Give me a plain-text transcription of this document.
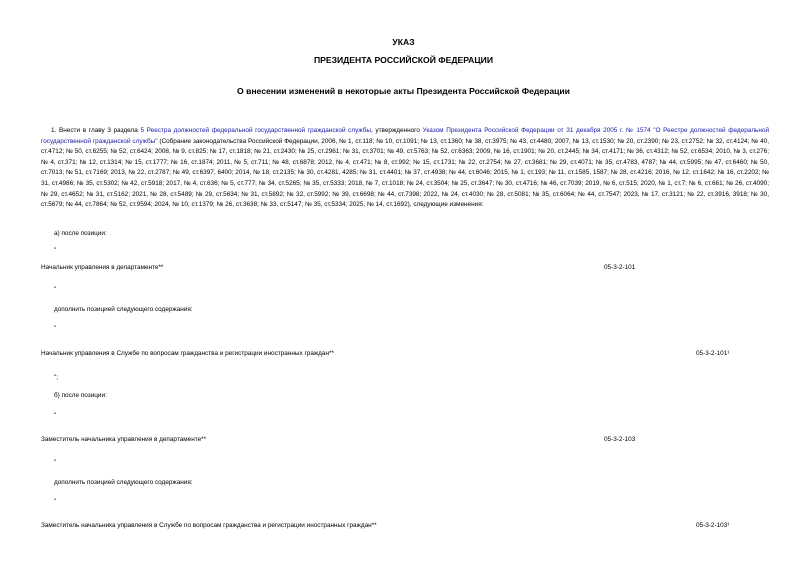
УКАЗ
ПРЕЗИДЕНТА РОССИЙСКОЙ ФЕДЕРАЦИИ
О внесении изменений в некоторые акты Президента Российской Федерации
1. Внести в главу 3 раздела 5 Реестра должностей федеральной государственной гражданской службы, утвержденного Указом Президента Российской Федерации от 31 декабря 2005 г. № 1574 "О Реестре должностей федеральной государственной гражданской службы" (Собрание законодательства Российской Федерации, 2006, № 1, ст.118; № 10, ст.1091; № 13, ст.1360; № 38, ст.3975; № 43, ст.4480; 2007, № 13, ст.1530; № 20, ст.2390; № 23, ст.2752; № 32, ст.4124; № 40, ст.4712; № 50, ст.6255; № 52, ст.6424; 2008, № 9, ст.825; № 17, ст.1818; № 21, ст.2430; № 25, ст.2961; № 31, ст.3701; № 49, ст.5763; № 52, ст.6363; 2009, № 16, ст.1901; № 20, ст.2445; № 34, ст.4171; № 36, ст.4312; № 52, ст.6534; 2010, № 3, ст.276; № 4, ст.371; № 12, ст.1314; № 15, ст.1777; № 16, ст.1874; 2011, № 5, ст.711; № 48, ст.6878; 2012, № 4, ст.471; № 8, ст.992; № 15, ст.1731; № 22, ст.2754; № 27, ст.3681; № 29, ст.4071; № 35, ст.4783, 4787; № 44, ст.5995; № 47, ст.6460; № 50, ст.7013; № 51, ст.7169; 2013, № 22, ст.2787; № 49, ст.6397, 6400; 2014, № 18, ст.2135; № 30, ст.4281, 4285; № 31, ст.4401; № 37, ст.4938; № 44, ст.6046; 2015, № 1, ст.193; № 11, ст.1585, 1587; № 28, ст.4216; 2016, № 12, ст.1642; № 16, ст.2202; № 31, ст.4986; № 35, ст.5302; № 42, ст.5918; 2017, № 4, ст.636; № 5, ст.777; № 34, ст.5265; № 35, ст.5333; 2018, № 7, ст.1018; № 24, ст.3504; № 25, ст.3647; № 30, ст.4716; № 46, ст.7039; 2019, № 6, ст.515; 2020, № 1, ст.7; № 6, ст.661; № 26, ст.4090; № 29, ст.4652; № 31, ст.5162; 2021, № 28, ст.5489; № 29, ст.5634; № 31, ст.5892; № 32, ст.5992; № 39, ст.6698; № 44, ст.7398; 2022, № 24, ст.4030; № 28, ст.5081; № 35, ст.6064; № 44, ст.7547; 2023, № 17, ст.3121; № 22, ст.3916, 3918; № 30, ст.5679; № 44, ст.7864; № 52, ст.9594; 2024, № 10, ст.1379; № 26, ст.3638; № 33, ст.5147; № 35, ст.5334; 2025, № 14, ст.1692), следующие изменения:
а) после позиции:
"
Начальник управления в департаменте**	05-3-2-101
"
дополнить позицией следующего содержания:
"
Начальник управления в Службе по вопросам гражданства и регистрации иностранных граждан**	05-3-2-101¹
";
б) после позиции:
"
Заместитель начальника управления в департаменте**	05-3-2-103
"
дополнить позицией следующего содержания:
"
Заместитель начальника управления в Службе по вопросам гражданства и регистрации иностранных граждан**	05-3-2-103¹
